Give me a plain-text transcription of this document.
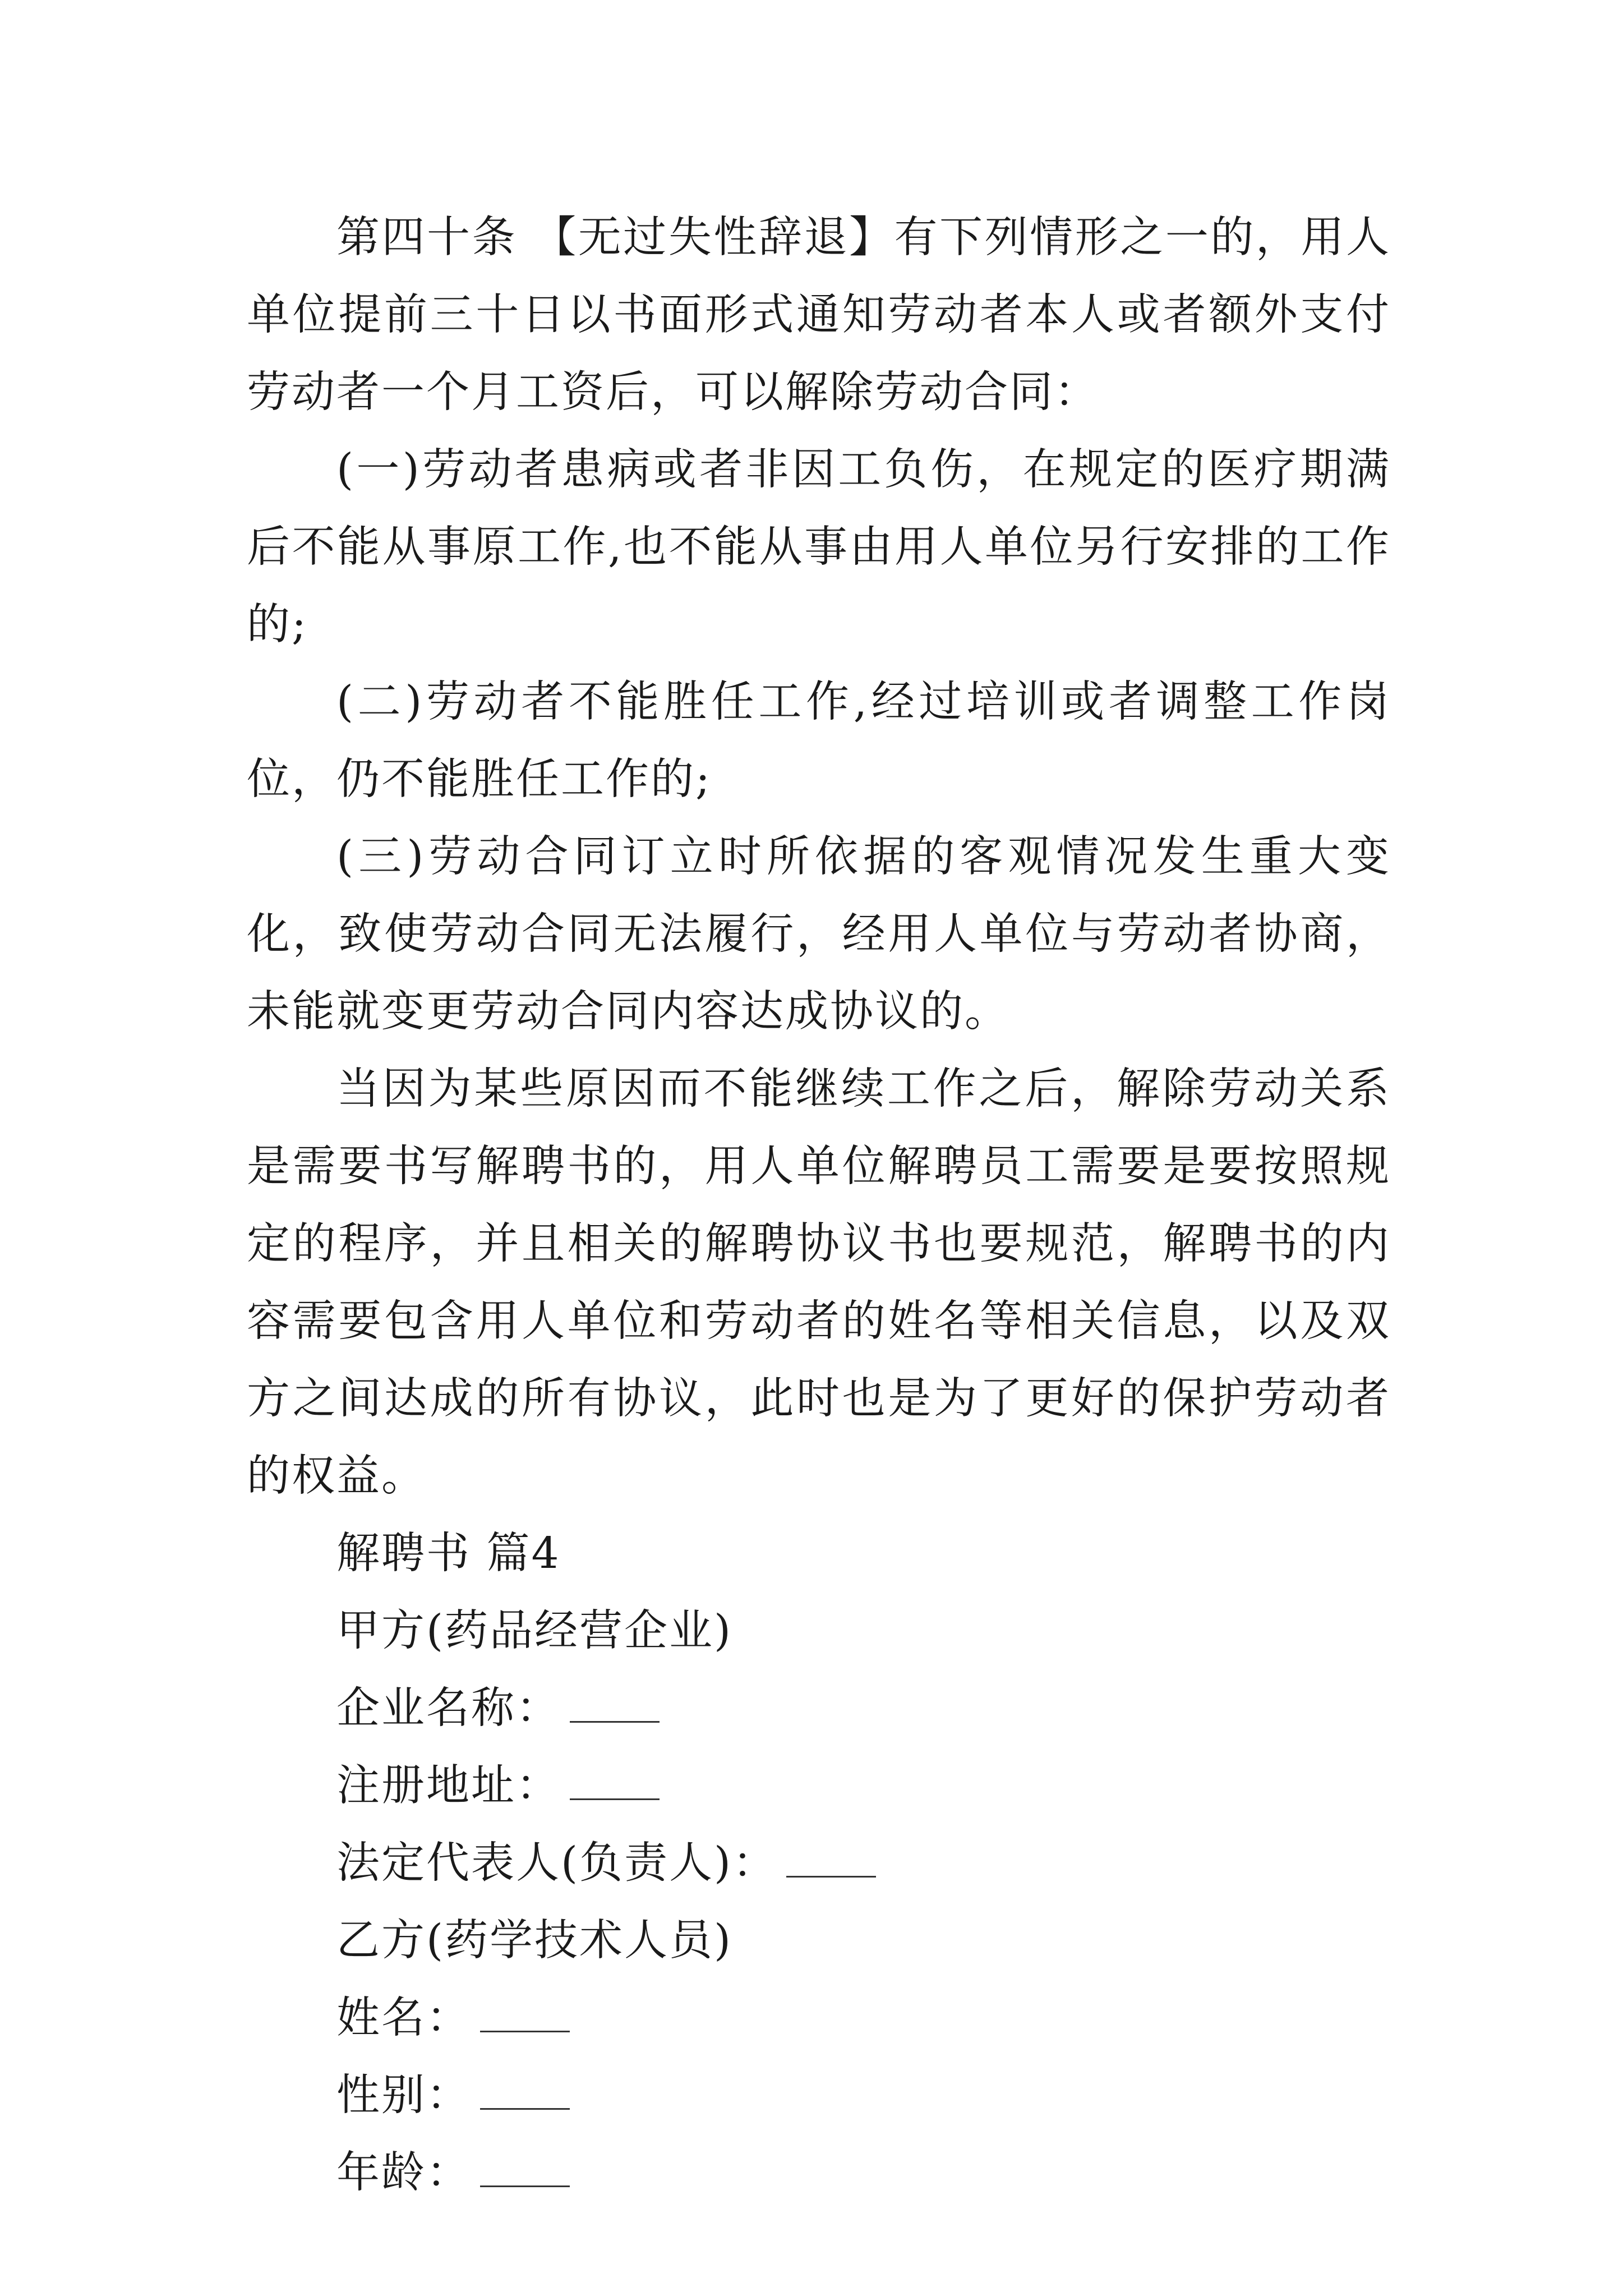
第四十条 【无过失性辞退】有下列情形之一的，用人单位提前三十日以书面形式通知劳动者本人或者额外支付劳动者一个月工资后，可以解除劳动合同：

(一)劳动者患病或者非因工负伤，在规定的医疗期满后不能从事原工作,也不能从事由用人单位另行安排的工作的;

(二)劳动者不能胜任工作,经过培训或者调整工作岗位，仍不能胜任工作的;

(三)劳动合同订立时所依据的客观情况发生重大变化，致使劳动合同无法履行，经用人单位与劳动者协商，未能就变更劳动合同内容达成协议的。

当因为某些原因而不能继续工作之后，解除劳动关系是需要书写解聘书的，用人单位解聘员工需要是要按照规定的程序，并且相关的解聘协议书也要规范，解聘书的内容需要包含用人单位和劳动者的姓名等相关信息，以及双方之间达成的所有协议，此时也是为了更好的保护劳动者的权益。

解聘书 篇4

甲方(药品经营企业)

企业名称：

注册地址：

法定代表人(负责人)：

乙方(药学技术人员)

姓名：

性别：

年龄：
